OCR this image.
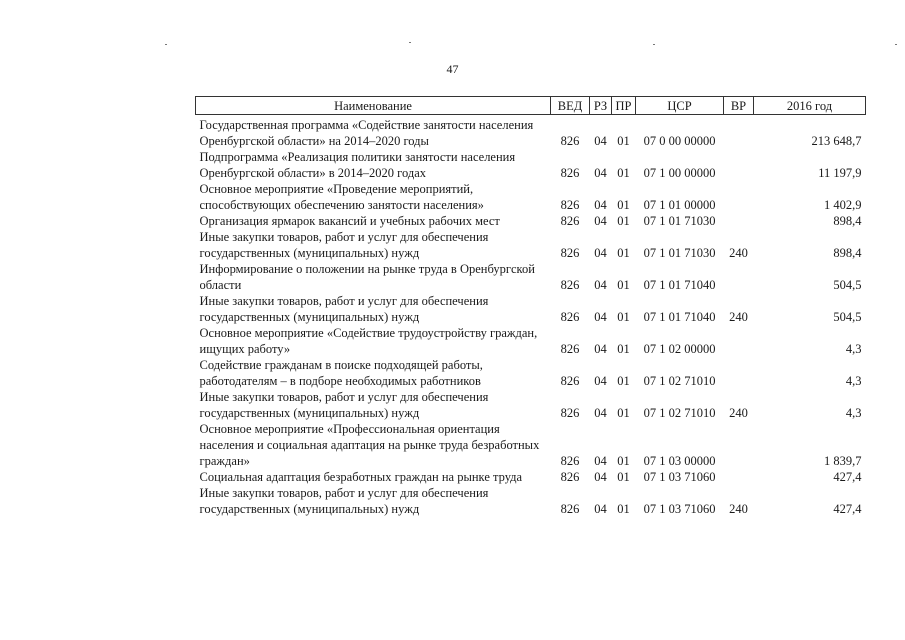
47
Наименование	ВЕД	РЗ	ПР	ЦСР	ВР	2016 год

Государственная программа «Содействие занятости населения Оренбургской области» на 2014–2020 годы	826	04	01	07 0 00 00000		213 648,7
Подпрограмма «Реализация политики занятости населения Оренбургской области» в 2014–2020 годах	826	04	01	07 1 00 00000		11 197,9
Основное мероприятие «Проведение мероприятий, способствующих обеспечению занятости населения»	826	04	01	07 1 01 00000		1 402,9
Организация ярмарок вакансий и учебных рабочих мест	826	04	01	07 1 01 71030		898,4
Иные закупки товаров, работ и услуг для обеспечения государственных (муниципальных) нужд	826	04	01	07 1 01 71030	240	898,4
Информирование о положении на рынке труда в Оренбургской области	826	04	01	07 1 01 71040		504,5
Иные закупки товаров, работ и услуг для обеспечения государственных (муниципальных) нужд	826	04	01	07 1 01 71040	240	504,5
Основное мероприятие «Содействие трудоустройству граждан, ищущих работу»	826	04	01	07 1 02 00000		4,3
Содействие гражданам в поиске подходящей работы, работодателям – в подборе необходимых работников	826	04	01	07 1 02 71010		4,3
Иные закупки товаров, работ и услуг для обеспечения государственных (муниципальных) нужд	826	04	01	07 1 02 71010	240	4,3
Основное мероприятие «Профессиональная ориентация населения и социальная адаптация на рынке труда безработных граждан»	826	04	01	07 1 03 00000		1 839,7
Социальная адаптация безработных граждан на рынке труда	826	04	01	07 1 03 71060		427,4
Иные закупки товаров, работ и услуг для обеспечения государственных (муниципальных) нужд	826	04	01	07 1 03 71060	240	427,4
